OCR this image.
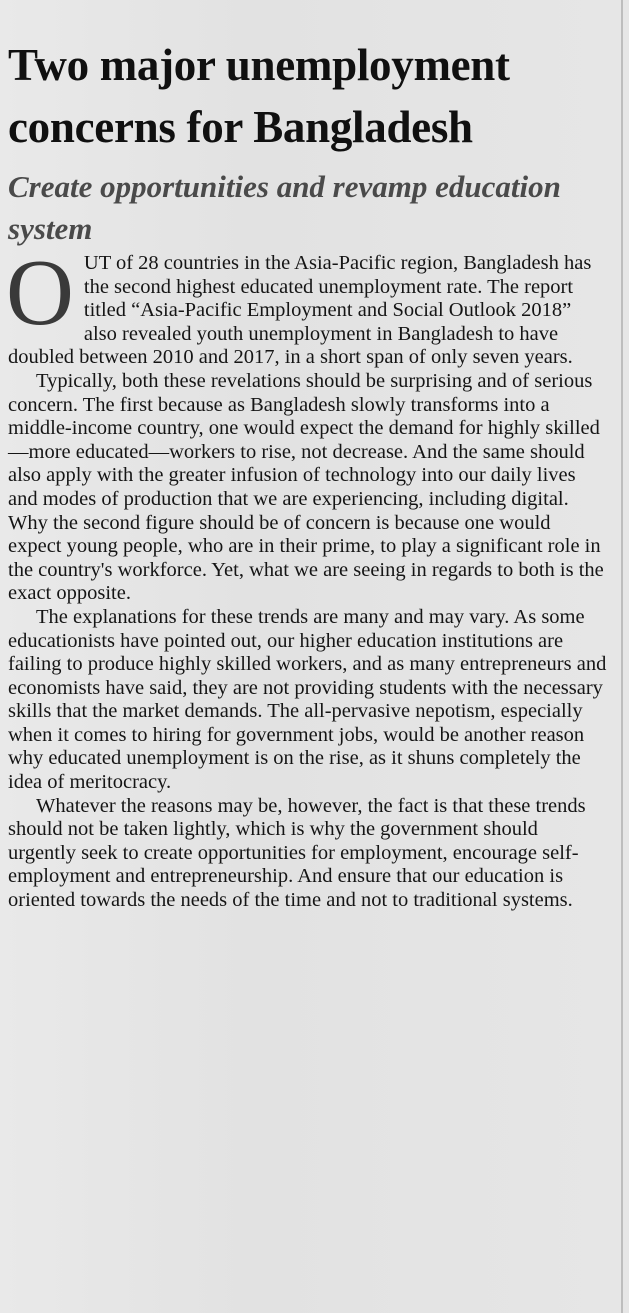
Two major unemployment concerns for Bangladesh
Create opportunities and revamp education system

OUT of 28 countries in the Asia-Pacific region, Bangladesh has the second highest educated unemployment rate. The report titled “Asia-Pacific Employment and Social Outlook 2018” also revealed youth unemployment in Bangladesh to have doubled between 2010 and 2017, in a short span of only seven years.

Typically, both these revelations should be surprising and of serious concern. The first because as Bangladesh slowly transforms into a middle-income country, one would expect the demand for highly skilled—more educated—workers to rise, not decrease. And the same should also apply with the greater infusion of technology into our daily lives and modes of production that we are experiencing, including digital. Why the second figure should be of concern is because one would expect young people, who are in their prime, to play a significant role in the country's workforce. Yet, what we are seeing in regards to both is the exact opposite.

The explanations for these trends are many and may vary. As some educationists have pointed out, our higher education institutions are failing to produce highly skilled workers, and as many entrepreneurs and economists have said, they are not providing students with the necessary skills that the market demands. The all-pervasive nepotism, especially when it comes to hiring for government jobs, would be another reason why educated unemployment is on the rise, as it shuns completely the idea of meritocracy.

Whatever the reasons may be, however, the fact is that these trends should not be taken lightly, which is why the government should urgently seek to create opportunities for employment, encourage self-employment and entrepreneurship. And ensure that our education is oriented towards the needs of the time and not to traditional systems.
